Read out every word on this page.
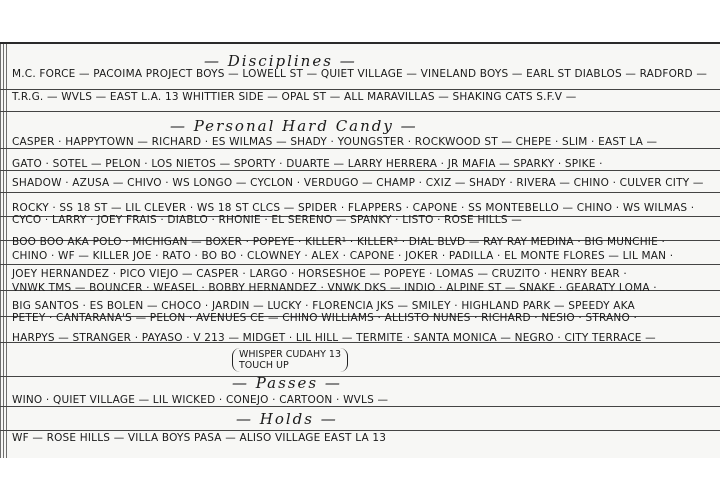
— Disciplines —
M.C. FORCE — PACOIMA PROJECT BOYS — LOWELL ST — QUIET VILLAGE — VINELAND BOYS — EARL ST DIABLOS — RADFORD —
T.R.G. — WVLS — EAST L.A. 13 WHITTIER SIDE — OPAL ST — ALL MARAVILLAS — SHAKING CATS S.F.V —
— Personal Hard Candy —
CASPER · HAPPYTOWN — RICHARD · ES WILMAS — SHADY · YOUNGSTER · ROCKWOOD ST — CHEPE · SLIM · EAST LA —
GATO · SOTEL — PELON · LOS NIETOS — SPORTY · DUARTE — LARRY HERRERA · JR MAFIA — SPARKY · SPIKE ·
SHADOW · AZUSA — CHIVO · WS LONGO — CYCLON · VERDUGO — CHAMP · CXIZ — SHADY · RIVERA — CHINO · CULVER CITY —
ROCKY · SS 18 ST — LIL CLEVER · WS 18 ST CLCS — SPIDER · FLAPPERS · CAPONE · SS MONTEBELLO — CHINO · WS WILMAS ·
CYCO · LARRY · JOEY FRAIS · DIABLO · RHONIE · EL SERENO — SPANKY · LISTO · ROSE HILLS —
BOO BOO AKA POLO · MICHIGAN — BOXER · POPEYE · KILLER¹ · KILLER² · DIAL BLVD — RAY RAY MEDINA · BIG MUNCHIE ·
CHINO · WF — KILLER JOE · RATO · BO BO · CLOWNEY · ALEX · CAPONE · JOKER · PADILLA · EL MONTE FLORES — LIL MAN ·
JOEY HERNANDEZ · PICO VIEJO — CASPER · LARGO · HORSESHOE — POPEYE · LOMAS — CRUZITO · HENRY BEAR ·
VNWK TMS — BOUNCER · WEASEL · BOBBY HERNANDEZ · VNWK DKS — INDIO · ALPINE ST — SNAKE · GEARATY LOMA ·
BIG SANTOS · ES BOLEN — CHOCO · JARDIN — LUCKY · FLORENCIA JKS — SMILEY · HIGHLAND PARK — SPEEDY AKA
PETEY · CANTARANA'S — PELON · AVENUES CE — CHINO WILLIAMS · ALLISTO NUNES · RICHARD · NESIO · STRANO ·
HARPYS — STRANGER · PAYASO · V 213 — MIDGET · LIL HILL — TERMITE · SANTA MONICA — NEGRO · CITY TERRACE —
WHISPER CUDAHY 13
TOUCH UP
— Passes —
WINO · QUIET VILLAGE — LIL WICKED · CONEJO · CARTOON · WVLS —
— Holds —
WF — ROSE HILLS — VILLA BOYS PASA — ALISO VILLAGE EAST LA 13
